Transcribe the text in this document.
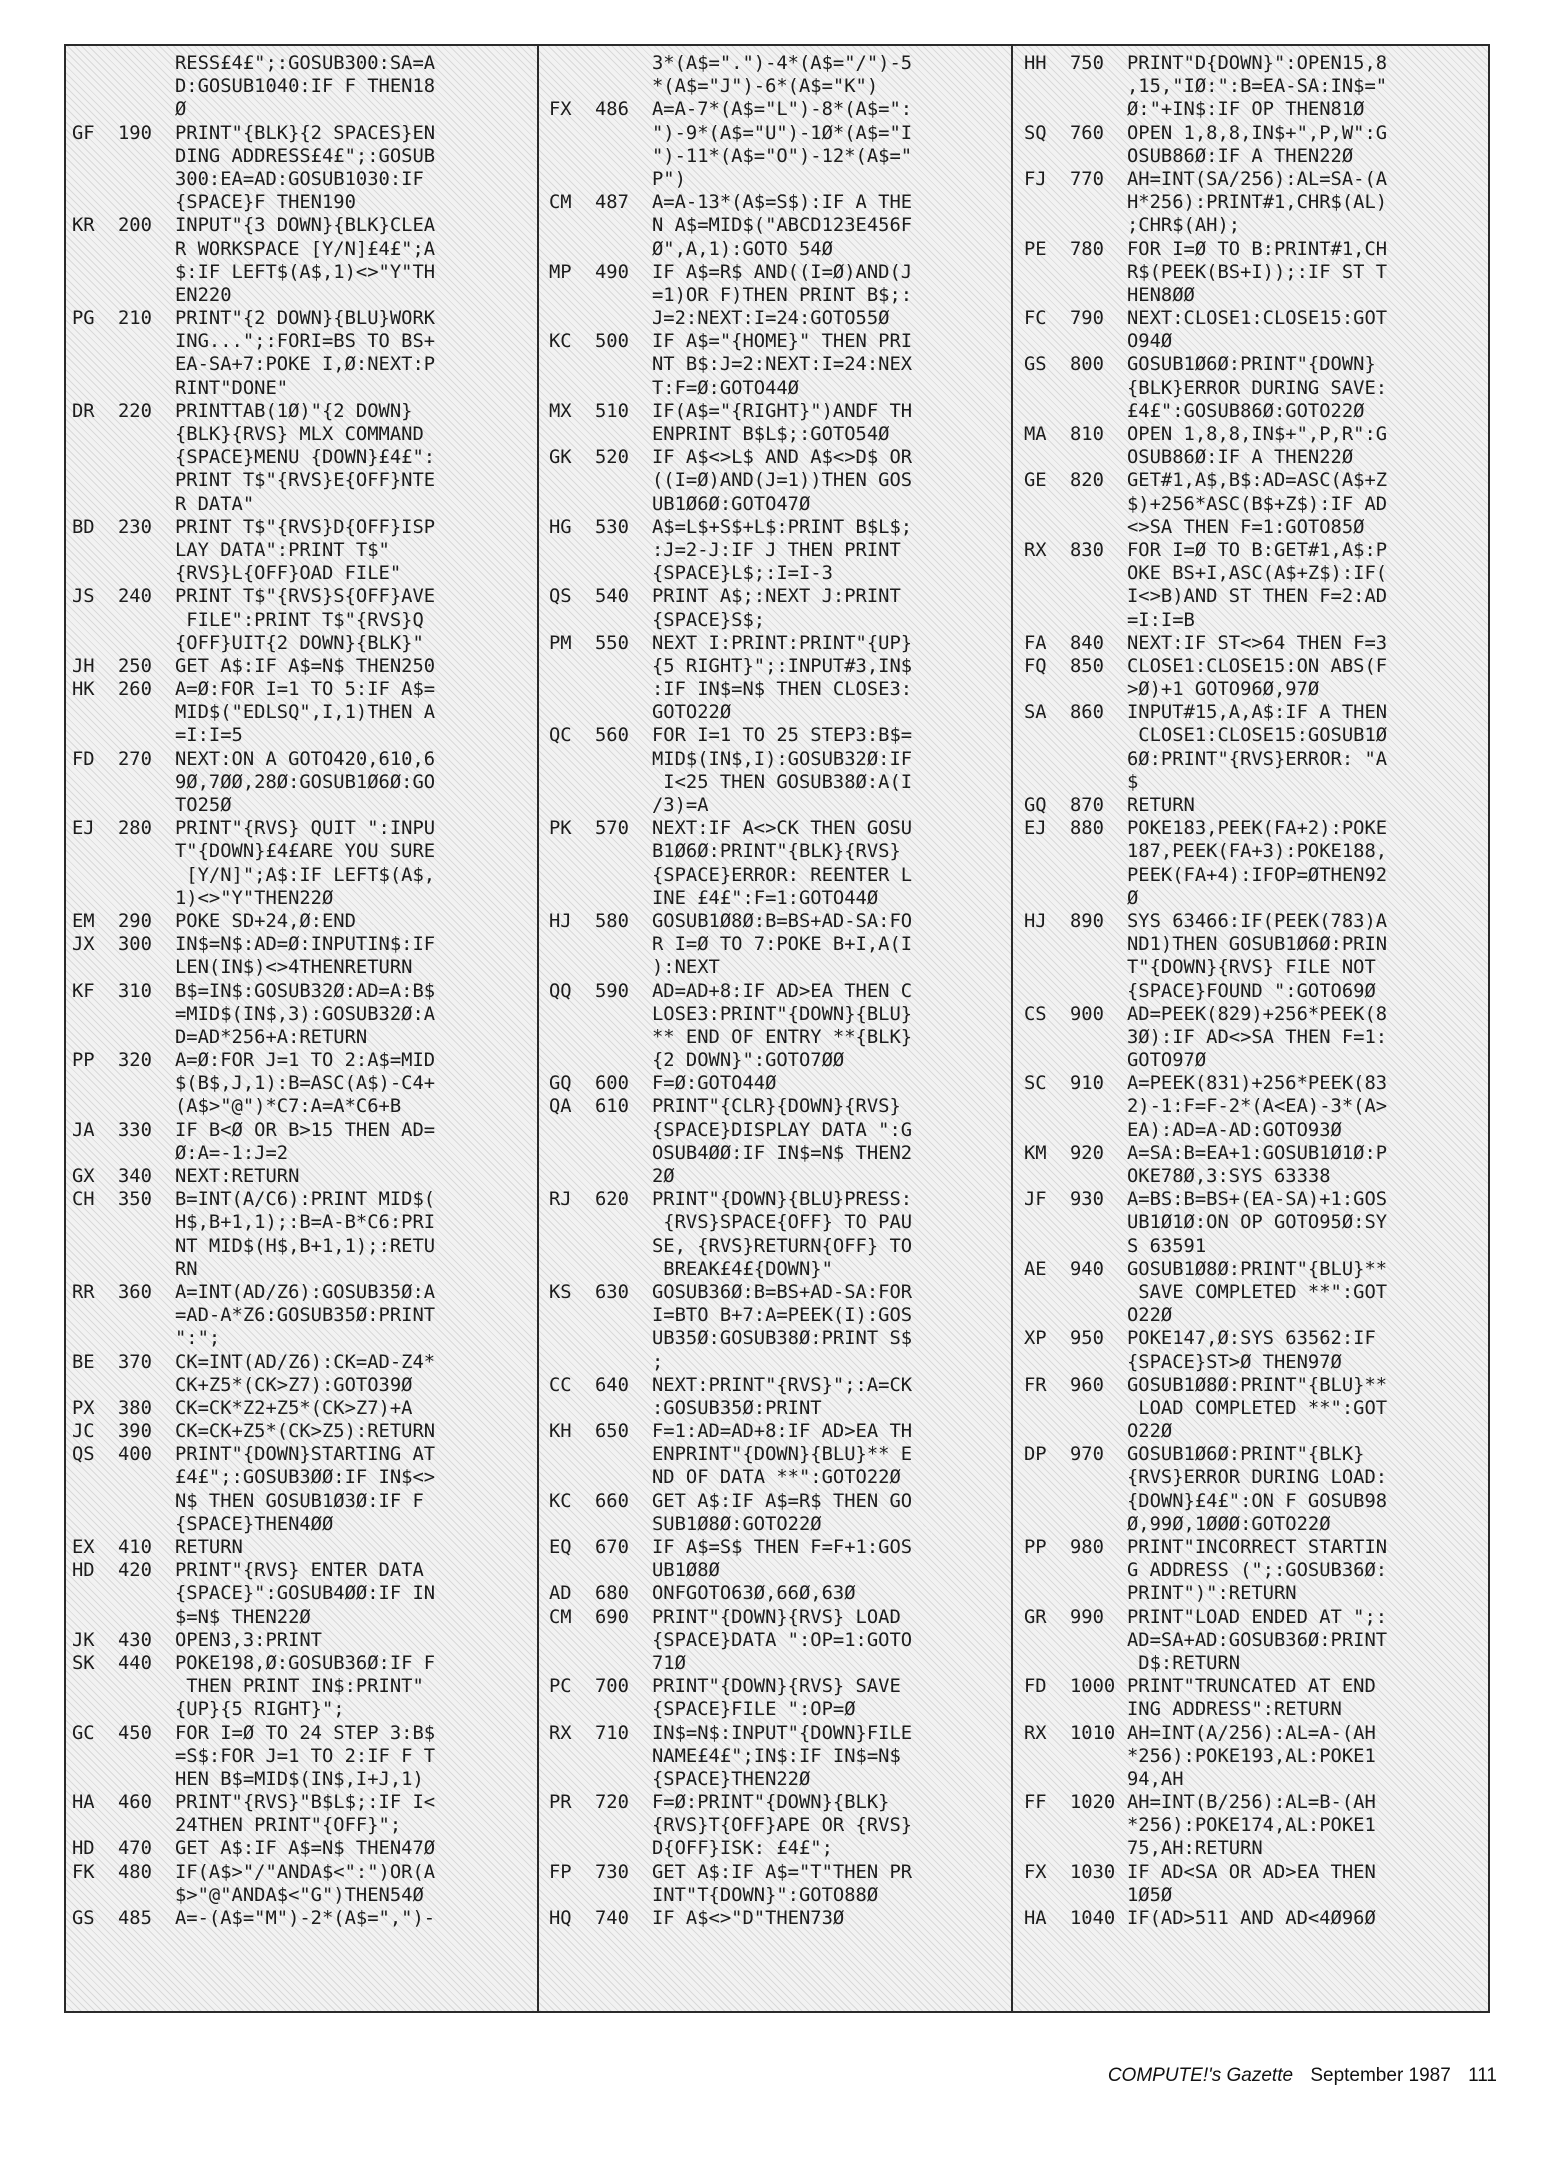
RESS£4£";:GOSUB300:SA=A
D:GOSUB1040:IF F THEN18
Ø
GF	190	PRINT"{BLK}{2 SPACES}EN
DING ADDRESS£4£";:GOSUB
300:EA=AD:GOSUB1030:IF
{SPACE}F THEN190
KR	200	INPUT"{3 DOWN}{BLK}CLEA
R WORKSPACE [Y/N]£4£";A
$:IF LEFT$(A$,1)<>"Y"TH
EN220
PG	210	PRINT"{2 DOWN}{BLU}WORK
ING...";:FORI=BS TO BS+
EA-SA+7:POKE I,Ø:NEXT:P
RINT"DONE"
DR	220	PRINTTAB(1Ø)"{2 DOWN}
{BLK}{RVS} MLX COMMAND
{SPACE}MENU {DOWN}£4£":
PRINT T$"{RVS}E{OFF}NTE
R DATA"
BD	230	PRINT T$"{RVS}D{OFF}ISP
LAY DATA":PRINT T$"
{RVS}L{OFF}OAD FILE"
JS	240	PRINT T$"{RVS}S{OFF}AVE
FILE":PRINT T$"{RVS}Q
{OFF}UIT{2 DOWN}{BLK}"
JH	250	GET A$:IF A$=N$ THEN250
HK	260	A=Ø:FOR I=1 TO 5:IF A$=
MID$("EDLSQ",I,1)THEN A
=I:I=5
FD	270	NEXT:ON A GOTO420,610,6
9Ø,7ØØ,28Ø:GOSUB1Ø6Ø:GO
TO25Ø
EJ	280	PRINT"{RVS} QUIT ":INPU
T"{DOWN}£4£ARE YOU SURE
[Y/N]";A$:IF LEFT$(A$,
1)<>"Y"THEN22Ø
EM	290	POKE SD+24,Ø:END
JX	300	IN$=N$:AD=Ø:INPUTIN$:IF
LEN(IN$)<>4THENRETURN
KF	310	B$=IN$:GOSUB32Ø:AD=A:B$
=MID$(IN$,3):GOSUB32Ø:A
D=AD*256+A:RETURN
PP	320	A=Ø:FOR J=1 TO 2:A$=MID
$(B$,J,1):B=ASC(A$)-C4+
(A$>"@")*C7:A=A*C6+B
JA	330	IF B<Ø OR B>15 THEN AD=
Ø:A=-1:J=2
GX	340	NEXT:RETURN
CH	350	B=INT(A/C6):PRINT MID$(
H$,B+1,1);:B=A-B*C6:PRI
NT MID$(H$,B+1,1);:RETU
RN
RR	360	A=INT(AD/Z6):GOSUB35Ø:A
=AD-A*Z6:GOSUB35Ø:PRINT
":";
BE	370	CK=INT(AD/Z6):CK=AD-Z4*
CK+Z5*(CK>Z7):GOTO39Ø
PX	380	CK=CK*Z2+Z5*(CK>Z7)+A
JC	390	CK=CK+Z5*(CK>Z5):RETURN
QS	400	PRINT"{DOWN}STARTING AT
£4£";:GOSUB3ØØ:IF IN$<>
N$ THEN GOSUB1Ø3Ø:IF F
{SPACE}THEN4ØØ
EX	410	RETURN
HD	420	PRINT"{RVS} ENTER DATA
{SPACE}":GOSUB4ØØ:IF IN
$=N$ THEN22Ø
JK	430	OPEN3,3:PRINT
SK	440	POKE198,Ø:GOSUB36Ø:IF F
THEN PRINT IN$:PRINT"
{UP}{5 RIGHT}";
GC	450	FOR I=Ø TO 24 STEP 3:B$
=S$:FOR J=1 TO 2:IF F T
HEN B$=MID$(IN$,I+J,1)
HA	460	PRINT"{RVS}"B$L$;:IF I<
24THEN PRINT"{OFF}";
HD	470	GET A$:IF A$=N$ THEN47Ø
FK	480	IF(A$>"/"ANDA$<":")OR(A
$>"@"ANDA$<"G")THEN54Ø
GS	485	A=-(A$="M")-2*(A$=",")-
3*(A$=".")-4*(A$="/")-5
*(A$="J")-6*(A$="K")
FX	486	A=A-7*(A$="L")-8*(A$=":
")-9*(A$="U")-1Ø*(A$="I
")-11*(A$="O")-12*(A$="
P")
CM	487	A=A-13*(A$=S$):IF A THE
N A$=MID$("ABCD123E456F
Ø",A,1):GOTO 54Ø
MP	490	IF A$=R$ AND((I=Ø)AND(J
=1)OR F)THEN PRINT B$;:
J=2:NEXT:I=24:GOTO55Ø
KC	500	IF A$="{HOME}" THEN PRI
NT B$:J=2:NEXT:I=24:NEX
T:F=Ø:GOTO44Ø
MX	510	IF(A$="{RIGHT}")ANDF TH
ENPRINT B$L$;:GOTO54Ø
GK	520	IF A$<>L$ AND A$<>D$ OR
((I=Ø)AND(J=1))THEN GOS
UB1Ø6Ø:GOTO47Ø
HG	530	A$=L$+S$+L$:PRINT B$L$;
:J=2-J:IF J THEN PRINT
{SPACE}L$;:I=I-3
QS	540	PRINT A$;:NEXT J:PRINT
{SPACE}S$;
PM	550	NEXT I:PRINT:PRINT"{UP}
{5 RIGHT}";:INPUT#3,IN$
:IF IN$=N$ THEN CLOSE3:
GOTO22Ø
QC	560	FOR I=1 TO 25 STEP3:B$=
MID$(IN$,I):GOSUB32Ø:IF
I<25 THEN GOSUB38Ø:A(I
/3)=A
PK	570	NEXT:IF A<>CK THEN GOSU
B1Ø6Ø:PRINT"{BLK}{RVS}
{SPACE}ERROR: REENTER L
INE £4£":F=1:GOTO44Ø
HJ	580	GOSUB1Ø8Ø:B=BS+AD-SA:FO
R I=Ø TO 7:POKE B+I,A(I
):NEXT
QQ	590	AD=AD+8:IF AD>EA THEN C
LOSE3:PRINT"{DOWN}{BLU}
** END OF ENTRY **{BLK}
{2 DOWN}":GOTO7ØØ
GQ	600	F=Ø:GOTO44Ø
QA	610	PRINT"{CLR}{DOWN}{RVS}
{SPACE}DISPLAY DATA ":G
OSUB4ØØ:IF IN$=N$ THEN2
2Ø
RJ	620	PRINT"{DOWN}{BLU}PRESS:
{RVS}SPACE{OFF} TO PAU
SE, {RVS}RETURN{OFF} TO
BREAK£4£{DOWN}"
KS	630	GOSUB36Ø:B=BS+AD-SA:FOR
I=BTO B+7:A=PEEK(I):GOS
UB35Ø:GOSUB38Ø:PRINT S$
;
CC	640	NEXT:PRINT"{RVS}";:A=CK
:GOSUB35Ø:PRINT
KH	650	F=1:AD=AD+8:IF AD>EA TH
ENPRINT"{DOWN}{BLU}** E
ND OF DATA **":GOTO22Ø
KC	660	GET A$:IF A$=R$ THEN GO
SUB1Ø8Ø:GOTO22Ø
EQ	670	IF A$=S$ THEN F=F+1:GOS
UB1Ø8Ø
AD	680	ONFGOTO63Ø,66Ø,63Ø
CM	690	PRINT"{DOWN}{RVS} LOAD
{SPACE}DATA ":OP=1:GOTO
71Ø
PC	700	PRINT"{DOWN}{RVS} SAVE
{SPACE}FILE ":OP=Ø
RX	710	IN$=N$:INPUT"{DOWN}FILE
NAME£4£";IN$:IF IN$=N$
{SPACE}THEN22Ø
PR	720	F=Ø:PRINT"{DOWN}{BLK}
{RVS}T{OFF}APE OR {RVS}
D{OFF}ISK: £4£";
FP	730	GET A$:IF A$="T"THEN PR
INT"T{DOWN}":GOTO88Ø
HQ	740	IF A$<>"D"THEN73Ø
HH	750	PRINT"D{DOWN}":OPEN15,8
,15,"IØ:":B=EA-SA:IN$="
Ø:"+IN$:IF OP THEN81Ø
SQ	760	OPEN 1,8,8,IN$+",P,W":G
OSUB86Ø:IF A THEN22Ø
FJ	770	AH=INT(SA/256):AL=SA-(A
H*256):PRINT#1,CHR$(AL)
;CHR$(AH);
PE	780	FOR I=Ø TO B:PRINT#1,CH
R$(PEEK(BS+I));:IF ST T
HEN8ØØ
FC	790	NEXT:CLOSE1:CLOSE15:GOT
O94Ø
GS	800	GOSUB1Ø6Ø:PRINT"{DOWN}
{BLK}ERROR DURING SAVE:
£4£":GOSUB86Ø:GOTO22Ø
MA	810	OPEN 1,8,8,IN$+",P,R":G
OSUB86Ø:IF A THEN22Ø
GE	820	GET#1,A$,B$:AD=ASC(A$+Z
$)+256*ASC(B$+Z$):IF AD
<>SA THEN F=1:GOTO85Ø
RX	830	FOR I=Ø TO B:GET#1,A$:P
OKE BS+I,ASC(A$+Z$):IF(
I<>B)AND ST THEN F=2:AD
=I:I=B
FA	840	NEXT:IF ST<>64 THEN F=3
FQ	850	CLOSE1:CLOSE15:ON ABS(F
>Ø)+1 GOTO96Ø,97Ø
SA	860	INPUT#15,A,A$:IF A THEN
CLOSE1:CLOSE15:GOSUB1Ø
6Ø:PRINT"{RVS}ERROR: "A
$
GQ	870	RETURN
EJ	880	POKE183,PEEK(FA+2):POKE
187,PEEK(FA+3):POKE188,
PEEK(FA+4):IFOP=ØTHEN92
Ø
HJ	890	SYS 63466:IF(PEEK(783)A
ND1)THEN GOSUB1Ø6Ø:PRIN
T"{DOWN}{RVS} FILE NOT
{SPACE}FOUND ":GOTO69Ø
CS	900	AD=PEEK(829)+256*PEEK(8
3Ø):IF AD<>SA THEN F=1:
GOTO97Ø
SC	910	A=PEEK(831)+256*PEEK(83
2)-1:F=F-2*(A<EA)-3*(A>
EA):AD=A-AD:GOTO93Ø
KM	920	A=SA:B=EA+1:GOSUB1Ø1Ø:P
OKE78Ø,3:SYS 63338
JF	930	A=BS:B=BS+(EA-SA)+1:GOS
UB1Ø1Ø:ON OP GOTO95Ø:SY
S 63591
AE	940	GOSUB1Ø8Ø:PRINT"{BLU}**
SAVE COMPLETED **":GOT
O22Ø
XP	950	POKE147,Ø:SYS 63562:IF
{SPACE}ST>Ø THEN97Ø
FR	960	GOSUB1Ø8Ø:PRINT"{BLU}**
LOAD COMPLETED **":GOT
O22Ø
DP	970	GOSUB1Ø6Ø:PRINT"{BLK}
{RVS}ERROR DURING LOAD:
{DOWN}£4£":ON F GOSUB98
Ø,99Ø,1ØØØ:GOTO22Ø
PP	980	PRINT"INCORRECT STARTIN
G ADDRESS (";:GOSUB36Ø:
PRINT")":RETURN
GR	990	PRINT"LOAD ENDED AT ";:
AD=SA+AD:GOSUB36Ø:PRINT
D$:RETURN
FD	1000 PRINT"TRUNCATED AT END
ING ADDRESS":RETURN
RX	1010 AH=INT(A/256):AL=A-(AH
*256):POKE193,AL:POKE1
94,AH
FF	1020 AH=INT(B/256):AL=B-(AH
*256):POKE174,AL:POKE1
75,AH:RETURN
FX	1030 IF AD<SA OR AD>EA THEN
1Ø5Ø
HA	1040 IF(AD>511 AND AD<4Ø96Ø
COMPUTE!'s Gazette September 1987 111
